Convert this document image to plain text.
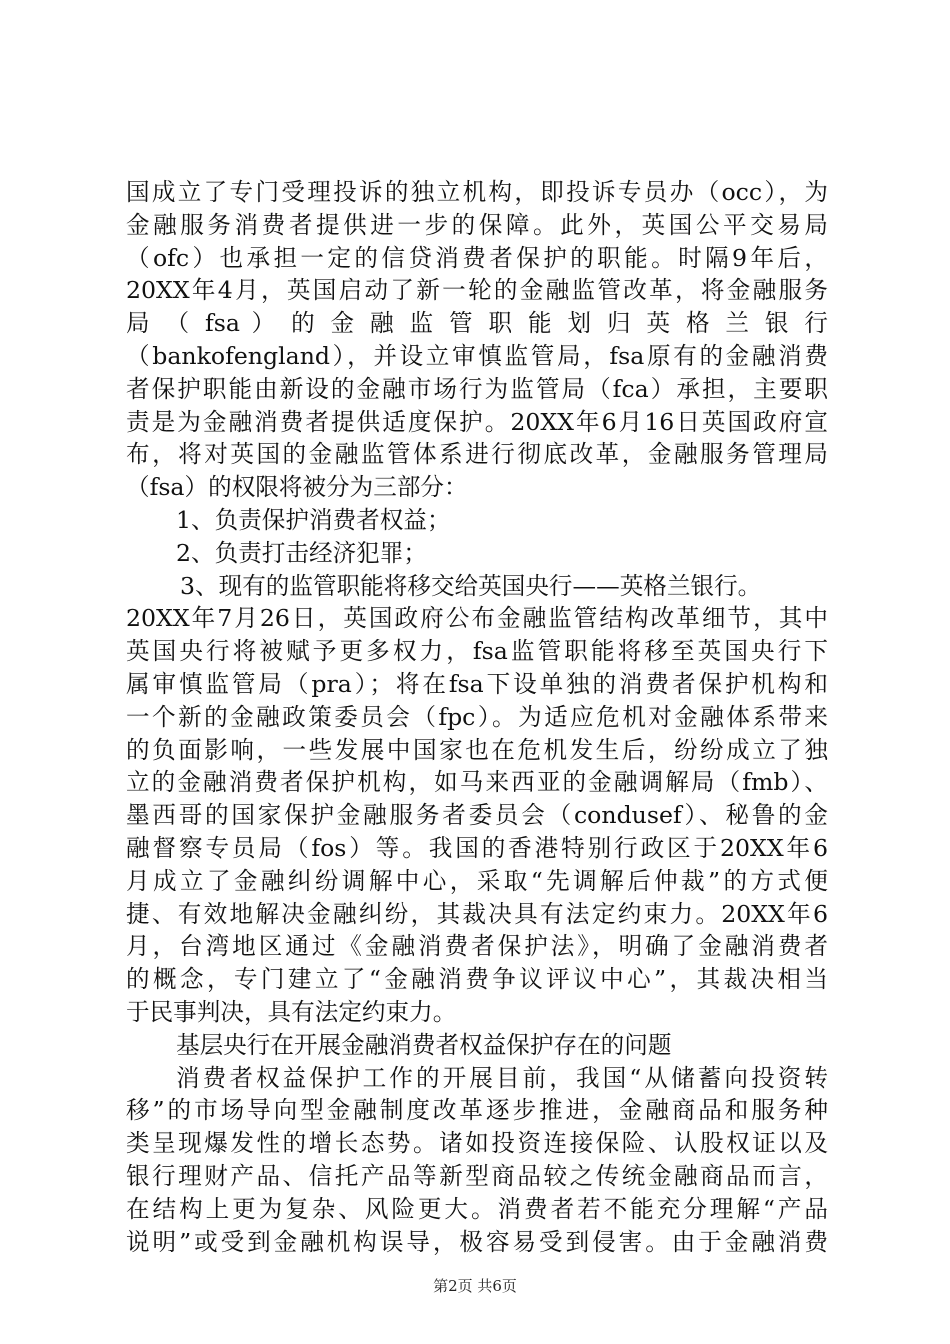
国成立了专门受理投诉的独立机构，即投诉专员办（occ），为
金融服务消费者提供进一步的保障。此外，英国公平交易局
（ofc）也承担一定的信贷消费者保护的职能。时隔9年后，
20XX年4月，英国启动了新一轮的金融监管改革，将金融服务
局 （ fsa ） 的 金 融 监 管 职 能 划 归 英 格 兰 银 行
（bankofengland），并设立审慎监管局，fsa原有的金融消费
者保护职能由新设的金融市场行为监管局（fca）承担，主要职
责是为金融消费者提供适度保护。20XX年6月16日英国政府宣
布，将对英国的金融监管体系进行彻底改革，金融服务管理局
（fsa）的权限将被分为三部分：
1、负责保护消费者权益；
2、负责打击经济犯罪；
3、现有的监管职能将移交给英国央行——英格兰银行。
20XX年7月26日，英国政府公布金融监管结构改革细节，其中
英国央行将被赋予更多权力，fsa监管职能将移至英国央行下
属审慎监管局（pra）；将在fsa下设单独的消费者保护机构和
一个新的金融政策委员会（fpc）。为适应危机对金融体系带来
的负面影响，一些发展中国家也在危机发生后，纷纷成立了独
立的金融消费者保护机构，如马来西亚的金融调解局（fmb）、
墨西哥的国家保护金融服务者委员会（condusef）、秘鲁的金
融督察专员局（fos）等。我国的香港特别行政区于20XX年6
月成立了金融纠纷调解中心，采取“先调解后仲裁”的方式便
捷、有效地解决金融纠纷，其裁决具有法定约束力。20XX年6
月，台湾地区通过《金融消费者保护法》，明确了金融消费者
的概念，专门建立了“金融消费争议评议中心”，其裁决相当
于民事判决，具有法定约束力。
基层央行在开展金融消费者权益保护存在的问题
消费者权益保护工作的开展目前，我国“从储蓄向投资转
移”的市场导向型金融制度改革逐步推进，金融商品和服务种
类呈现爆发性的增长态势。诸如投资连接保险、认股权证以及
银行理财产品、信托产品等新型商品较之传统金融商品而言，
在结构上更为复杂、风险更大。消费者若不能充分理解“产品
说明”或受到金融机构误导，极容易受到侵害。由于金融消费
第2页 共6页
